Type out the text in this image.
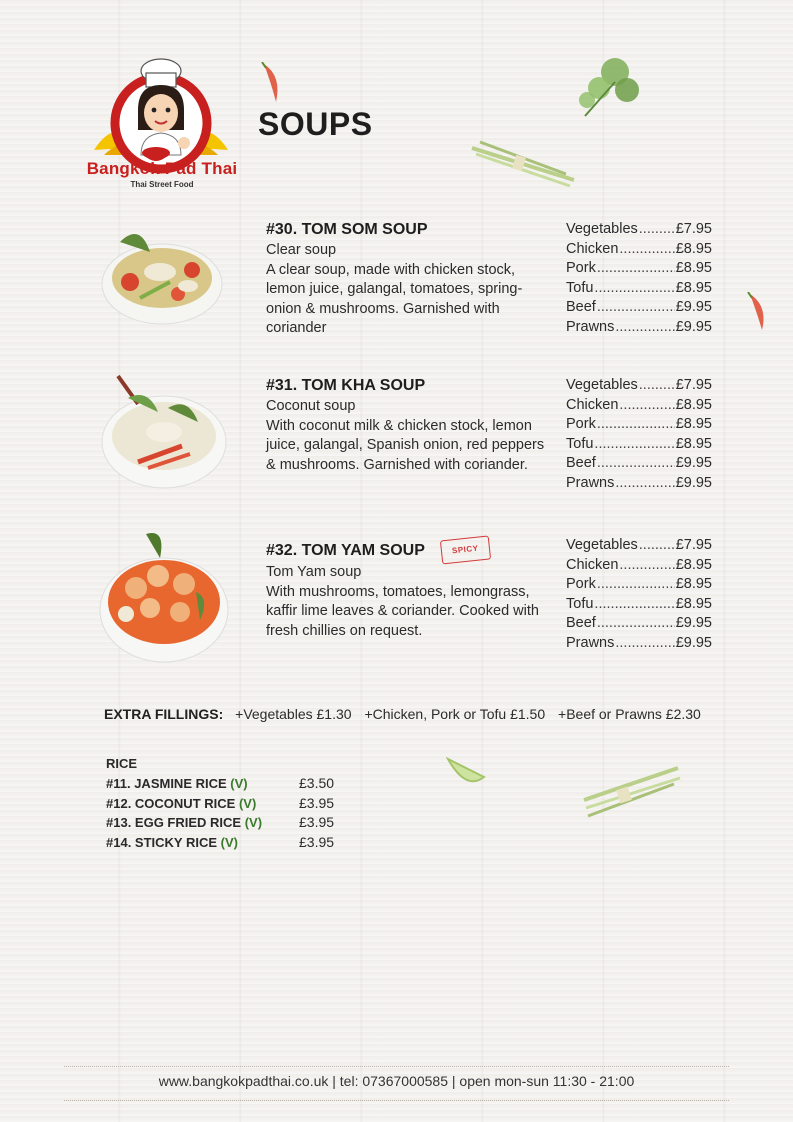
Bangkok Pad Thai
Thai Street Food
SOUPS
#30. TOM SOM SOUP
Clear soup
A clear soup, made with chicken stock, lemon juice, galangal, tomatoes, spring-onion & mushrooms. Garnished with coriander
Vegetables .....	£7.95
Chicken .....	£8.95
Pork .....	£8.95
Tofu .....	£8.95
Beef .....	£9.95
Prawns .....	£9.95
#31. TOM KHA SOUP
Coconut soup
With coconut milk & chicken stock, lemon juice, galangal, Spanish onion, red peppers & mushrooms. Garnished with coriander.
Vegetables .....	£7.95
Chicken .....	£8.95
Pork .....	£8.95
Tofu .....	£8.95
Beef .....	£9.95
Prawns .....	£9.95
#32. TOM YAM SOUP	SPICY
Tom Yam soup
With mushrooms, tomatoes, lemongrass, kaffir lime leaves & coriander. Cooked with fresh chillies on request.
Vegetables .....	£7.95
Chicken .....	£8.95
Pork .....	£8.95
Tofu .....	£8.95
Beef .....	£9.95
Prawns .....	£9.95
EXTRA FILLINGS: +Vegetables £1.30 +Chicken, Pork or Tofu £1.50 +Beef or Prawns £2.30
RICE
#11. JASMINE RICE (V)	£3.50
#12. COCONUT RICE (V)	£3.95
#13. EGG FRIED RICE (V)	£3.95
#14. STICKY RICE (V)	£3.95
www.bangkokpadthai.co.uk | tel: 07367000585 | open mon-sun 11:30 - 21:00
